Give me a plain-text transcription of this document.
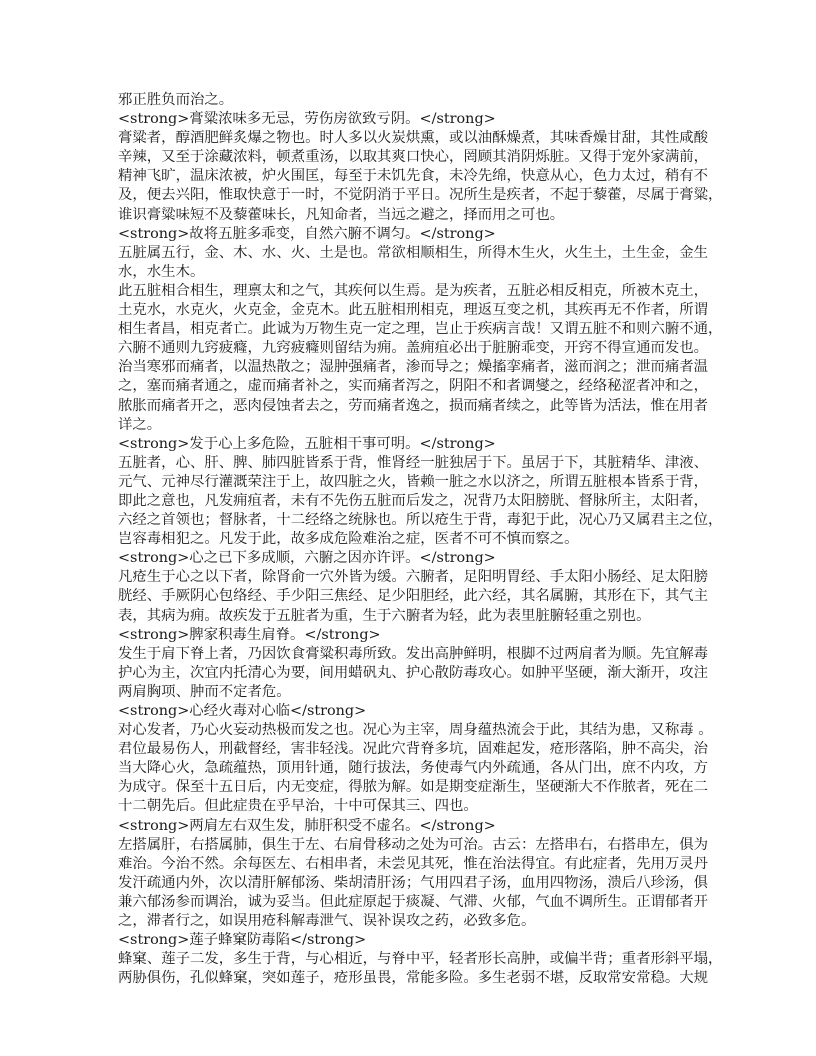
邪正胜负而治之。
<strong>膏粱浓味多无忌，劳伤房欲致亏阴。</strong>
膏粱者，醇酒肥鲜炙爆之物也。时人多以火炭烘熏，或以油酥燥煮，其味香燥甘甜，其性咸酸
辛辣，又至于涂藏浓料，顿煮重汤，以取其爽口快心，罔顾其消阴烁脏。又得于宠外家满前，
精神飞旷，温床浓被，炉火围匡，每至于未饥先食，未冷先绵，快意从心，色力太过，稍有不
及，便去兴阳，惟取快意于一时，不觉阴消于平日。况所生是疾者，不起于藜藿，尽属于膏粱，
谁识膏粱味短不及藜藿味长，凡知命者，当远之避之，择而用之可也。
<strong>故将五脏多乖变，自然六腑不调匀。</strong>
五脏属五行，金、木、水、火、土是也。常欲相顺相生，所得木生火，火生土，土生金，金生
水，水生木。
此五脏相合相生，理禀太和之气，其疾何以生焉。是为疾者，五脏必相反相克，所被木克土，
土克水，水克火，火克金，金克木。此五脏相刑相克，理返互变之机，其疾再无不作者，所谓
相生者昌，相克者亡。此诚为万物生克一定之理，岂止于疾病言哉！又谓五脏不和则六腑不通，
六腑不通则九窍疲癃，九窍疲癃则留结为痈。盖痈疽必出于脏腑乖变，开窍不得宣通而发也。
治当寒邪而痛者，以温热散之；湿肿强痛者，渗而导之；燥搐挛痛者，滋而润之；泄而痛者温
之，塞而痛者通之，虚而痛者补之，实而痛者泻之，阴阳不和者调燮之，经络秘涩者冲和之，
脓胀而痛者开之，恶肉侵蚀者去之，劳而痛者逸之，损而痛者续之，此等皆为活法，惟在用者
详之。
<strong>发于心上多危险，五脏相干事可明。</strong>
五脏者，心、肝、脾、肺四脏皆系于背，惟肾经一脏独居于下。虽居于下，其脏精华、津液、
元气、元神尽行灌溉荣注于上，故四脏之火，皆赖一脏之水以济之，所谓五脏根本皆系于背，
即此之意也，凡发痈疽者，未有不先伤五脏而后发之，况背乃太阳膀胱、督脉所主，太阳者，
六经之首领也；督脉者，十二经络之统脉也。所以疮生于背，毒犯于此，况心乃又属君主之位，
岂容毒相犯之。凡发于此，故多成危险难治之症，医者不可不慎而察之。
<strong>心之已下多成顺，六腑之因亦许评。</strong>
凡疮生于心之以下者，除肾俞一穴外皆为缓。六腑者，足阳明胃经、手太阳小肠经、足太阳膀
胱经、手厥阴心包络经、手少阳三焦经、足少阳胆经，此六经，其名属腑，其形在下，其气主
表，其病为痈。故疾发于五脏者为重，生于六腑者为轻，此为表里脏腑轻重之别也。
<strong>脾家积毒生肩脊。</strong>
发生于肩下脊上者，乃因饮食膏粱积毒所致。发出高肿鲜明，根脚不过两肩者为顺。先宜解毒
护心为主，次宜内托清心为要，间用蜡矾丸、护心散防毒攻心。如肿平坚硬，渐大渐开，攻注
两肩胸项、肿而不定者危。
<strong>心经火毒对心临</strong>
对心发者，乃心火妄动热极而发之也。况心为主宰，周身蕴热流会于此，其结为患，又称毒 。
君位最易伤人，刑截督经，害非轻浅。况此穴背脊多坑，固难起发，疮形落陷，肿不高尖，治
当大降心火，急疏蕴热，顶用针通，随行拔法，务使毒气内外疏通，各从门出，庶不内攻，方
为成守。保至十五日后，内无变症，得脓为解。如是期变症渐生，坚硬渐大不作脓者，死在二
十二朝先后。但此症贵在乎早治，十中可保其三、四也。
<strong>两肩左右双生发，肺肝积受不虚名。</strong>
左搭属肝，右搭属肺，俱生于左、右肩骨移动之处为可治。古云：左搭串右，右搭串左，俱为
难治。今治不然。余每医左、右相串者，未尝见其死，惟在治法得宜。有此症者，先用万灵丹
发汗疏通内外，次以清肝解郁汤、柴胡清肝汤；气用四君子汤，血用四物汤，溃后八珍汤，俱
兼六郁汤参而调治，诚为妥当。但此症原起于痰凝、气滞、火郁，气血不调所生。正谓郁者开
之，滞者行之，如误用疮科解毒泄气、误补误攻之药，必致多危。
<strong>莲子蜂窠防毒陷</strong>
蜂窠、莲子二发，多生于背，与心相近，与脊中平，轻者形长高肿，或偏半背；重者形斜平塌，
两胁俱伤，孔似蜂窠，突如莲子，疮形虽畏，常能多险。多生老弱不堪，反取常安常稳。大规
